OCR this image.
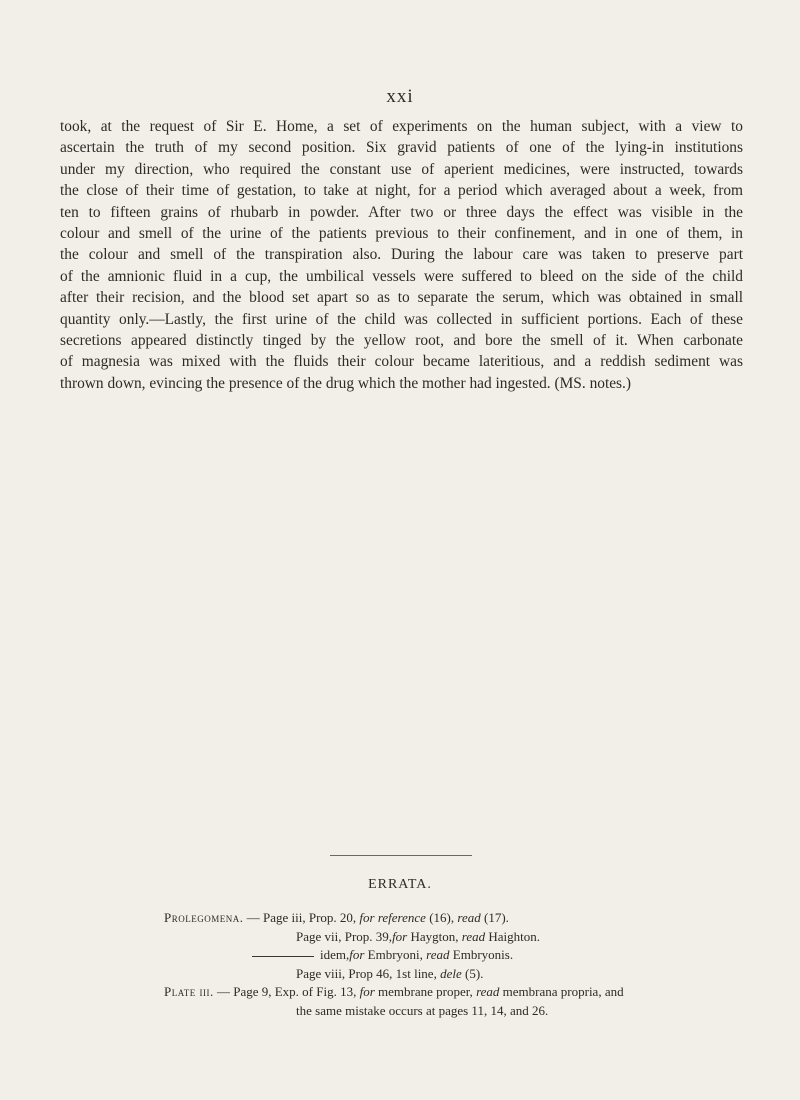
xxi
took, at the request of Sir E. Home, a set of experiments on the human subject, with a view to
ascertain the truth of my second position. Six gravid patients of one of the lying-in institutions
under my direction, who required the constant use of aperient medicines, were instructed, towards
the close of their time of gestation, to take at night, for a period which averaged about a week, from
ten to fifteen grains of rhubarb in powder. After two or three days the effect was visible in the
colour and smell of the urine of the patients previous to their confinement, and in one of them, in
the colour and smell of the transpiration also. During the labour care was taken to preserve part
of the amnionic fluid in a cup, the umbilical vessels were suffered to bleed on the side of the child
after their recision, and the blood set apart so as to separate the serum, which was obtained in small
quantity only.—Lastly, the first urine of the child was collected in sufficient portions. Each of these
secretions appeared distinctly tinged by the yellow root, and bore the smell of it. When carbonate
of magnesia was mixed with the fluids their colour became lateritious, and a reddish sediment was
thrown down, evincing the presence of the drug which the mother had ingested. (MS. notes.)
ERRATA.
Prolegomena. — Page iii, Prop. 20, for reference (16), read (17).
Page vii, Prop. 39,for Haygton, read Haighton.
idem,for Embryoni, read Embryonis.
Page viii, Prop 46, 1st line, dele (5).
Plate iii. — Page 9, Exp. of Fig. 13, for membrane proper, read membrana propria, and
the same mistake occurs at pages 11, 14, and 26.
